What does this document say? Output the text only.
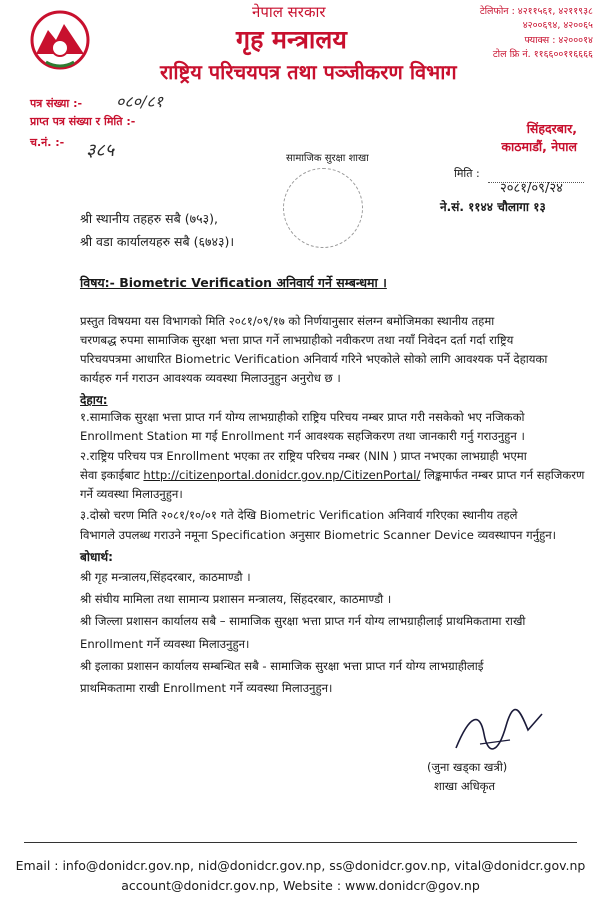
नेपाल सरकार
गृह मन्त्रालय
राष्ट्रिय परिचयपत्र तथा पञ्जीकरण विभाग
टेलिफोन : ४२११५६१, ४२११९३८
४२००६९४, ४२००६५
फ्याक्स : ४२०००१४
टोल फ्रि नं. ११६६००११६६६६
पत्र संख्या :- ०८०/८१
प्राप्त पत्र संख्या र मिति :-
च.नं. :- ३८५
सिंहदरबार,
काठमाडौं, नेपाल
सामाजिक सुरक्षा शाखा
मिति :
२०८१/०९/२४
ने.सं. ११४४ चौलागा १३
श्री स्थानीय तहहरु सबै (७५३),
श्री वडा कार्यालयहरु सबै (६७४३)।
विषय:- Biometric Verification अनिवार्य गर्ने सम्बन्धमा ।
प्रस्तुत विषयमा यस विभागको मिति २०८१/०९/१७ को निर्णयानुसार संलग्न बमोजिमका स्थानीय तहमा
चरणबद्ध रुपमा सामाजिक सुरक्षा भत्ता प्राप्त गर्ने लाभग्राहीको नवीकरण तथा नयाँ निवेदन दर्ता गर्दा राष्ट्रिय
परिचयपत्रमा आधारित Biometric Verification अनिवार्य गरिने भएकोले सोको लागि आवश्यक पर्ने देहायका
कार्यहरु गर्न गराउन आवश्यक व्यवस्था मिलाउनुहुन अनुरोध छ ।
देहाय:
१.सामाजिक सुरक्षा भत्ता प्राप्त गर्न योग्य लाभग्राहीको राष्ट्रिय परिचय नम्बर प्राप्त गरी नसकेको भए नजिकको
Enrollment Station मा गई Enrollment गर्न आवश्यक सहजिकरण तथा जानकारी गर्नु गराउनुहुन ।
२.राष्ट्रिय परिचय पत्र Enrollment भएका तर राष्ट्रिय परिचय नम्बर (NIN ) प्राप्त नभएका लाभग्राही भएमा
सेवा इकाईबाट http://citizenportal.donidcr.gov.np/CitizenPortal/ लिङ्कमार्फत नम्बर प्राप्त गर्न सहजिकरण
गर्ने व्यवस्था मिलाउनुहुन।
३.दोस्रो चरण मिति २०८१/१०/०१ गते देखि Biometric Verification अनिवार्य गरिएका स्थानीय तहले
विभागले उपलब्ध गराउने नमूना Specification अनुसार Biometric Scanner Device व्यवस्थापन गर्नुहुन।
बोधार्थ:
श्री गृह मन्त्रालय,सिंहदरबार, काठमाण्डौ ।
श्री संघीय मामिला तथा सामान्य प्रशासन मन्त्रालय, सिंहदरबार, काठमाण्डौ ।
श्री जिल्ला प्रशासन कार्यालय सबै – सामाजिक सुरक्षा भत्ता प्राप्त गर्न योग्य लाभग्राहीलाई प्राथमिकतामा राखी
Enrollment गर्ने व्यवस्था मिलाउनुहुन।
श्री इलाका प्रशासन कार्यालय सम्बन्धित सबै - सामाजिक सुरक्षा भत्ता प्राप्त गर्न योग्य लाभग्राहीलाई
प्राथमिकतामा राखी Enrollment गर्ने व्यवस्था मिलाउनुहुन।
(जुना खड्का खत्री)
शाखा अधिकृत
Email : info@donidcr.gov.np, nid@donidcr.gov.np, ss@donidcr.gov.np, vital@donidcr.gov.np
account@donidcr.gov.np, Website : www.donidcr@gov.np
